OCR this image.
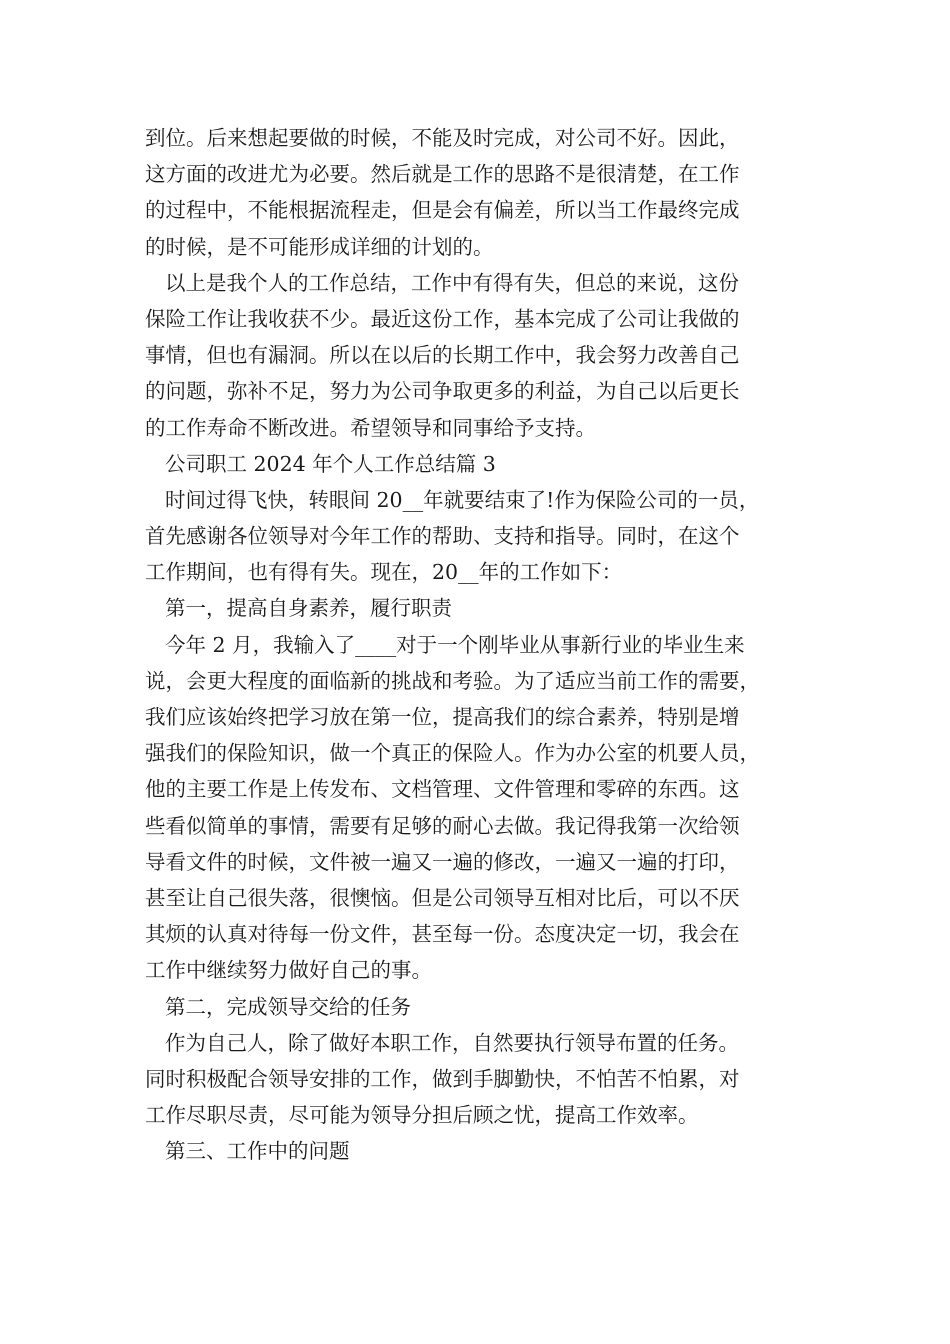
到位。后来想起要做的时候，不能及时完成，对公司不好。因此，
这方面的改进尤为必要。然后就是工作的思路不是很清楚，在工作
的过程中，不能根据流程走，但是会有偏差，所以当工作最终完成
的时候，是不可能形成详细的计划的。
以上是我个人的工作总结，工作中有得有失，但总的来说，这份
保险工作让我收获不少。最近这份工作，基本完成了公司让我做的
事情，但也有漏洞。所以在以后的长期工作中，我会努力改善自己
的问题，弥补不足，努力为公司争取更多的利益，为自己以后更长
的工作寿命不断改进。希望领导和同事给予支持。
公司职工 2024 年个人工作总结篇 3
时间过得飞快，转眼间 20__年就要结束了!作为保险公司的一员，
首先感谢各位领导对今年工作的帮助、支持和指导。同时，在这个
工作期间，也有得有失。现在，20__年的工作如下：
第一，提高自身素养，履行职责
今年 2 月，我输入了____对于一个刚毕业从事新行业的毕业生来
说，会更大程度的面临新的挑战和考验。为了适应当前工作的需要，
我们应该始终把学习放在第一位，提高我们的综合素养，特别是增
强我们的保险知识，做一个真正的保险人。作为办公室的机要人员，
他的主要工作是上传发布、文档管理、文件管理和零碎的东西。这
些看似简单的事情，需要有足够的耐心去做。我记得我第一次给领
导看文件的时候，文件被一遍又一遍的修改，一遍又一遍的打印，
甚至让自己很失落，很懊恼。但是公司领导互相对比后，可以不厌
其烦的认真对待每一份文件，甚至每一份。态度决定一切，我会在
工作中继续努力做好自己的事。
第二，完成领导交给的任务
作为自己人，除了做好本职工作，自然要执行领导布置的任务。
同时积极配合领导安排的工作，做到手脚勤快，不怕苦不怕累，对
工作尽职尽责，尽可能为领导分担后顾之忧，提高工作效率。
第三、工作中的问题
